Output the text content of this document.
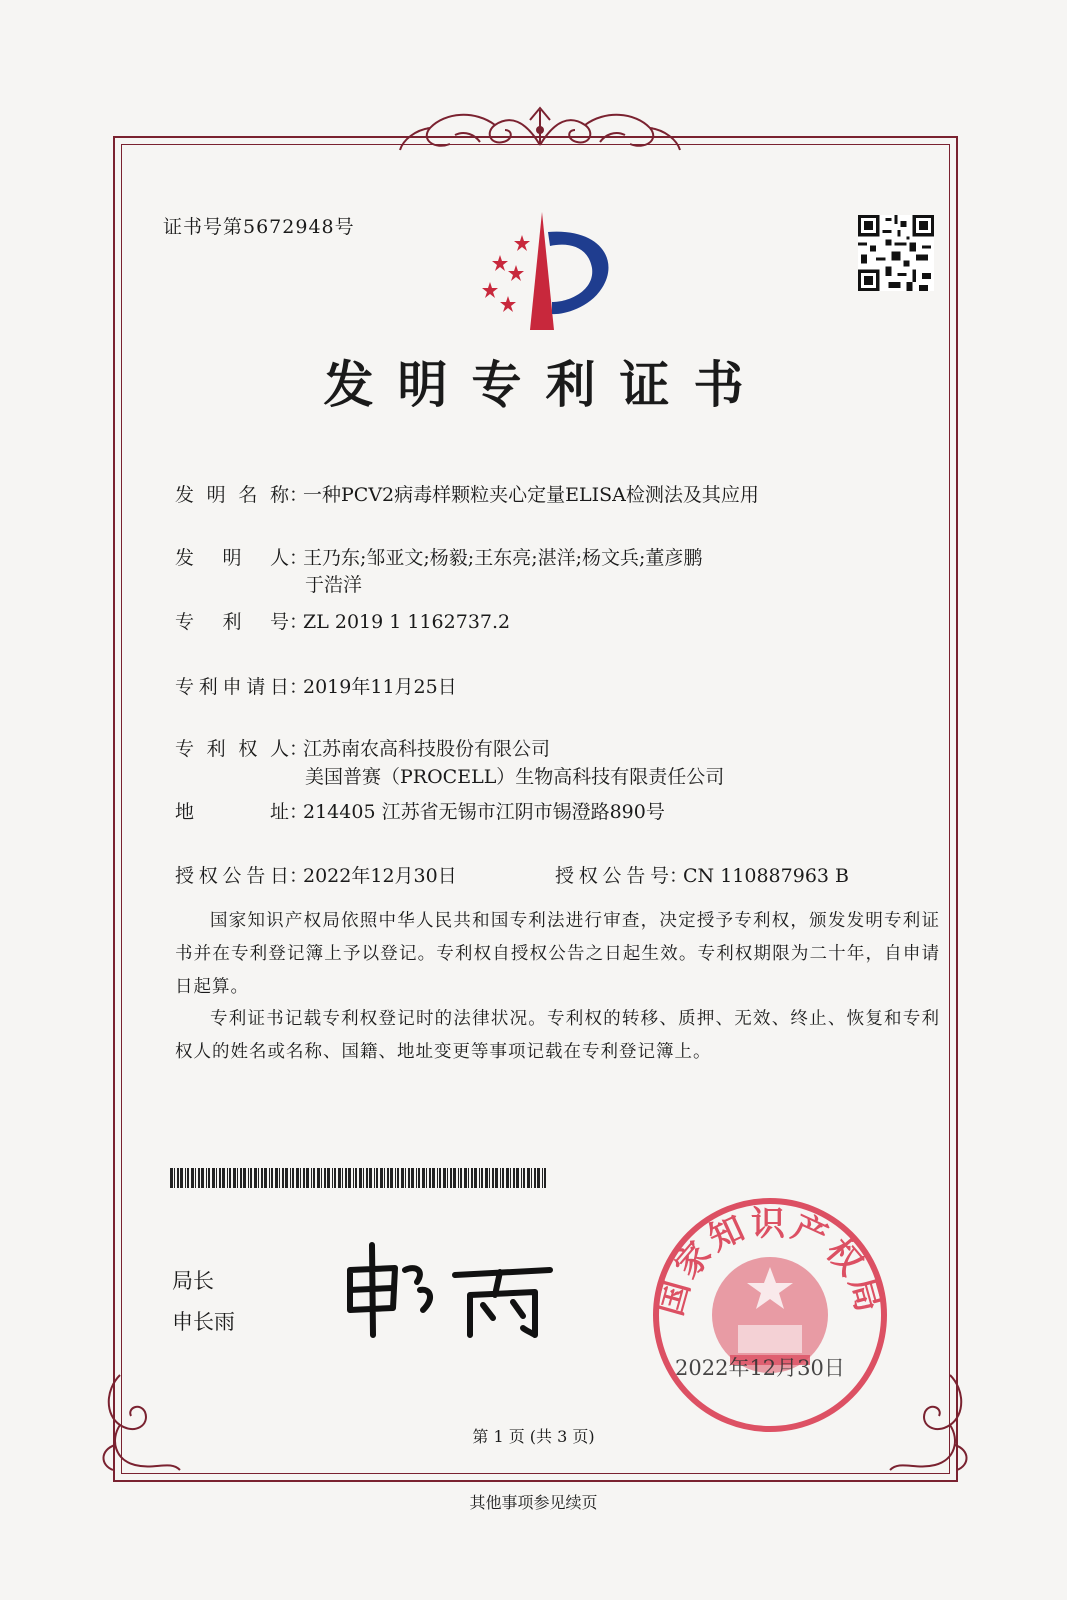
证书号第5672948号
发明专利证书
发明名称：一种PCV2病毒样颗粒夹心定量ELISA检测法及其应用
发明人：王乃东;邹亚文;杨毅;王东亮;湛洋;杨文兵;董彦鹏
于浩洋
专利号：ZL 2019 1 1162737.2
专利申请日：2019年11月25日
专利权人：江苏南农高科技股份有限公司
美国普赛（PROCELL）生物高科技有限责任公司
地址：214405 江苏省无锡市江阴市锡澄路890号
授权公告日：2022年12月30日	授权公告号：CN 110887963 B
国家知识产权局依照中华人民共和国专利法进行审查，决定授予专利权，颁发发明专利证书并在专利登记簿上予以登记。专利权自授权公告之日起生效。专利权期限为二十年，自申请日起算。
专利证书记载专利权登记时的法律状况。专利权的转移、质押、无效、终止、恢复和专利权人的姓名或名称、国籍、地址变更等事项记载在专利登记簿上。
局长
申长雨
国家知识产权局
2022年12月30日
第 1 页 (共 3 页)
其他事项参见续页
